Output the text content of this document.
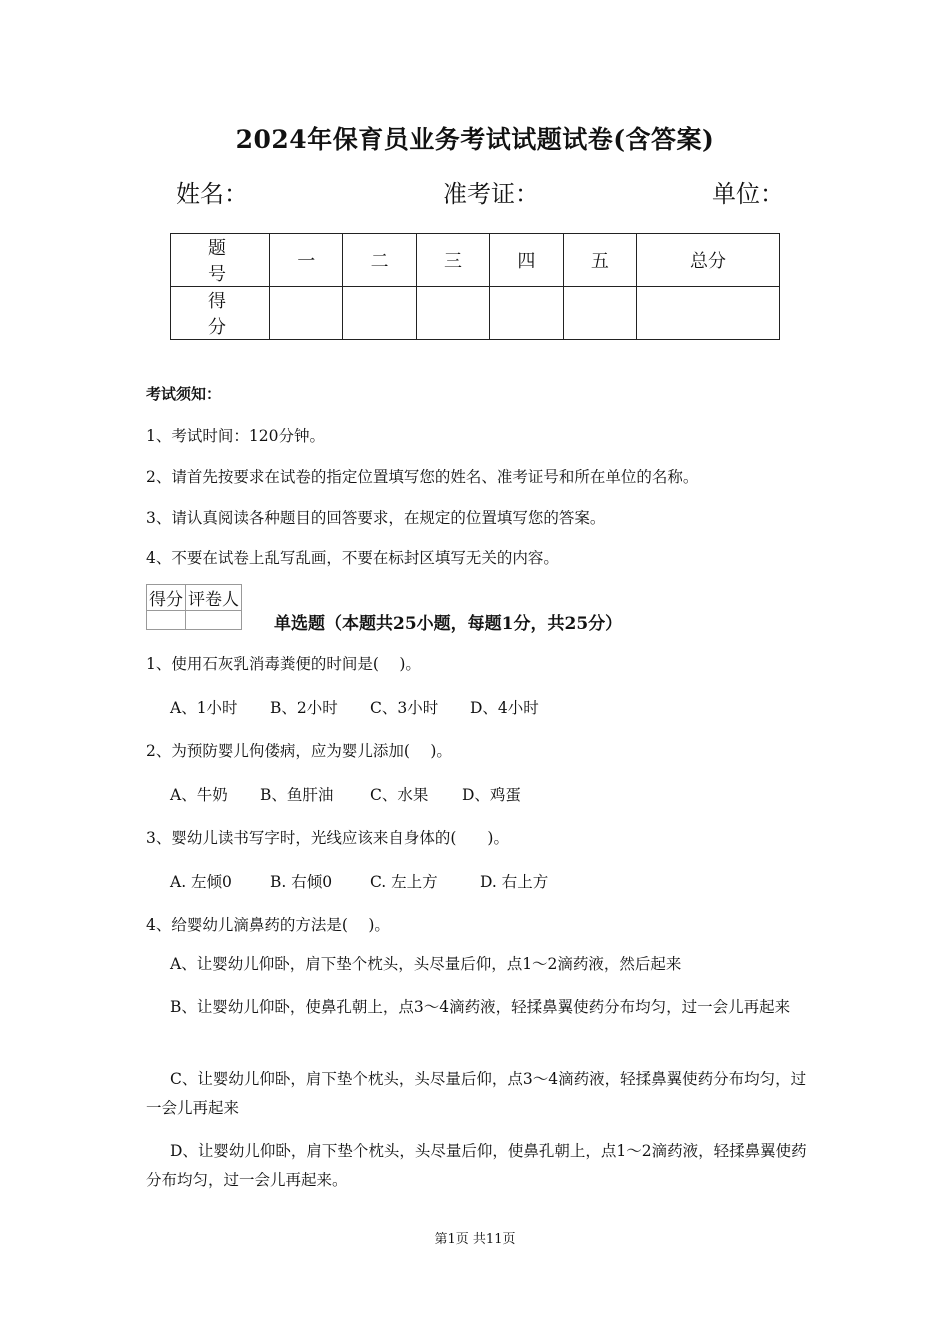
2024年保育员业务考试试题试卷(含答案)
姓名：	准考证：	单位：
题　号	一	二	三	四	五	总分
得　分						
考试须知：
1、考试时间：120分钟。
2、请首先按要求在试卷的指定位置填写您的姓名、准考证号和所在单位的名称。
3、请认真阅读各种题目的回答要求，在规定的位置填写您的答案。
4、不要在试卷上乱写乱画，不要在标封区填写无关的内容。
得分	评卷人

单选题（本题共25小题，每题1分，共25分）
1、使用石灰乳消毒粪便的时间是(　 )。
A、1小时 B、2小时 C、3小时 D、4小时
2、为预防婴儿佝偻病，应为婴儿添加(　 )。
A、牛奶 B、鱼肝油 C、水果 D、鸡蛋
3、婴幼儿读书写字时，光线应该来自身体的(　　)。
A. 左倾0 B. 右倾0 C. 左上方	D. 右上方
4、给婴幼儿滴鼻药的方法是(　 )。
A、让婴幼儿仰卧，肩下垫个枕头，头尽量后仰，点1～2滴药液，然后起来
B、让婴幼儿仰卧，使鼻孔朝上，点3～4滴药液，轻揉鼻翼使药分布均匀，过一会儿再起来
C、让婴幼儿仰卧，肩下垫个枕头，头尽量后仰，点3～4滴药液，轻揉鼻翼使药分布均匀，过一会儿再起来
D、让婴幼儿仰卧，肩下垫个枕头，头尽量后仰，使鼻孔朝上，点1～2滴药液，轻揉鼻翼使药分布均匀，过一会儿再起来。
第1页 共11页
